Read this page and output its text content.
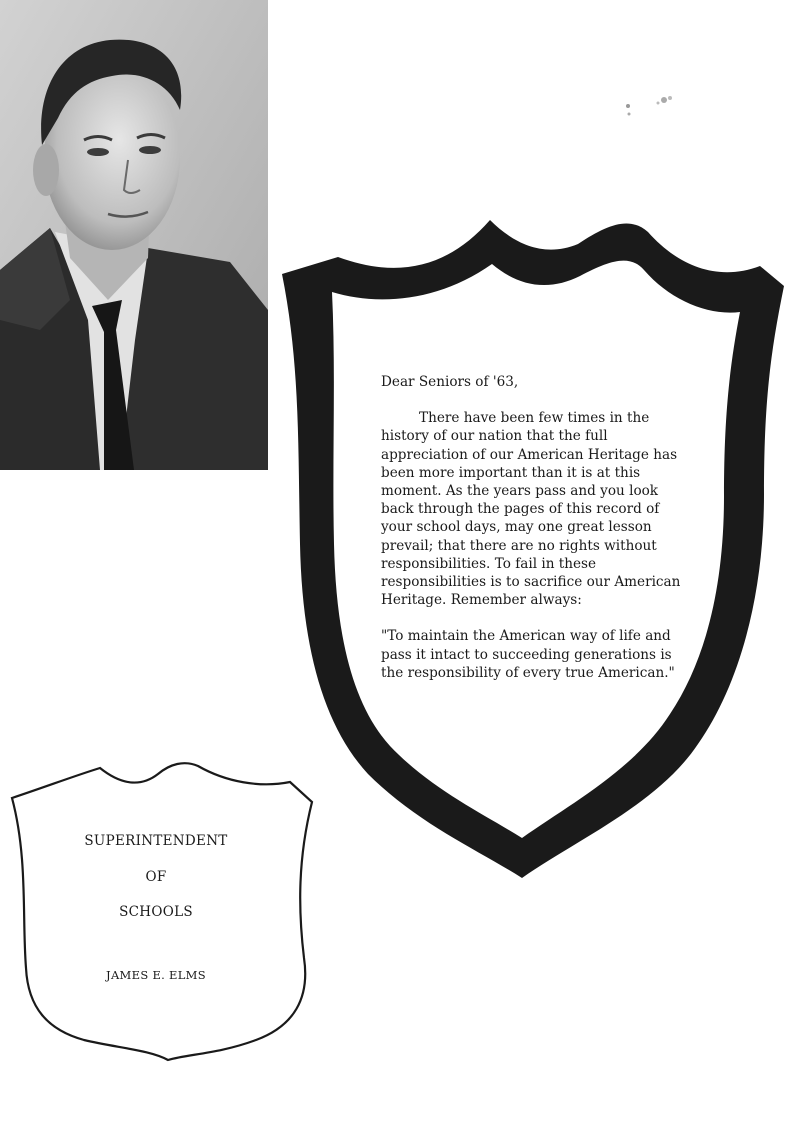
Dear Seniors of '63,

There have been few times in the history of our nation that the full appreciation of our American Heritage has been more important than it is at this moment. As the years pass and you look back through the pages of this record of your school days, may one great lesson prevail; that there are no rights without responsibilities. To fail in these responsibilities is to sacrifice our American Heritage. Remember always:

"To maintain the American way of life and pass it intact to succeeding generations is the responsibility of every true American."

SUPERINTENDENT
OF
SCHOOLS
JAMES E. ELMS
